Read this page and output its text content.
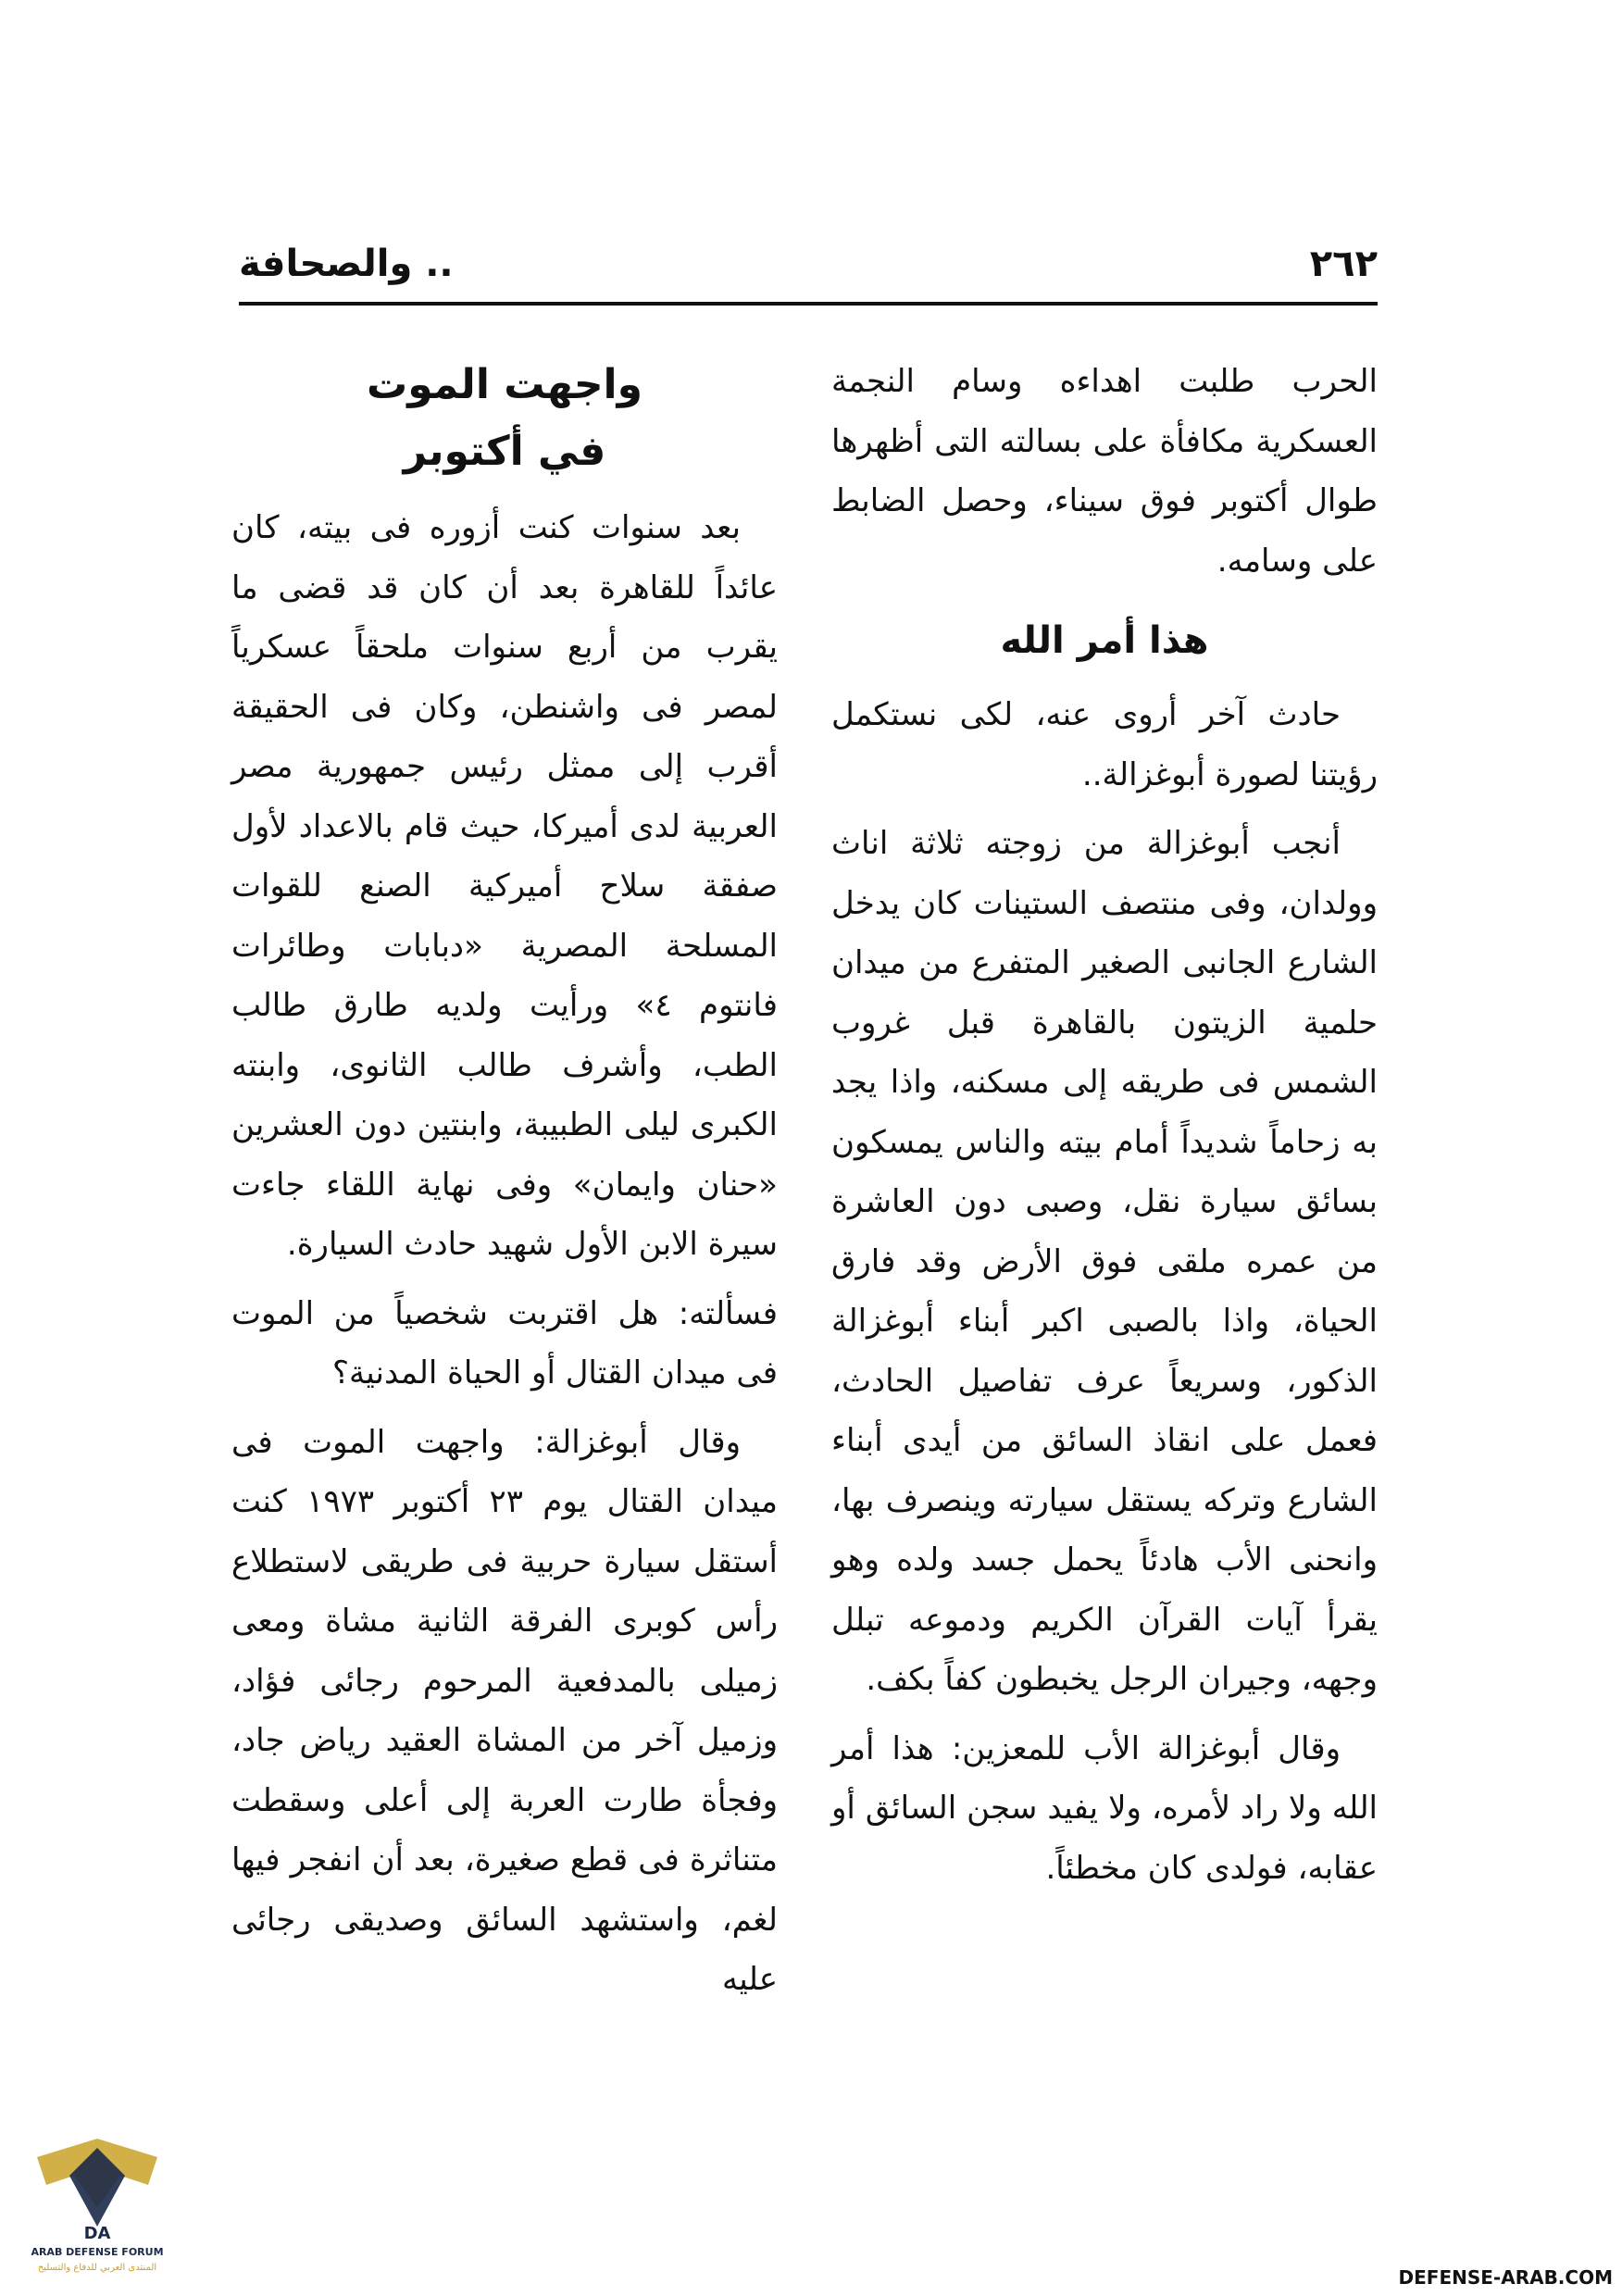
٢٦٢
.. والصحافة

الحرب طلبت اهداءه وسام النجمة العسكرية مكافأة على بسالته التى أظهرها طوال أكتوبر فوق سيناء، وحصل الضابط على وسامه.

هذا أمر الله

حادث آخر أروى عنه، لكى نستكمل رؤيتنا لصورة أبوغزالة..

أنجب أبوغزالة من زوجته ثلاثة اناث وولدان، وفى منتصف الستينات كان يدخل الشارع الجانبى الصغير المتفرع من ميدان حلمية الزيتون بالقاهرة قبل غروب الشمس فى طريقه إلى مسكنه، واذا يجد به زحاماً شديداً أمام بيته والناس يمسكون بسائق سيارة نقل، وصبى دون العاشرة من عمره ملقى فوق الأرض وقد فارق الحياة، واذا بالصبى اكبر أبناء أبوغزالة الذكور، وسريعاً عرف تفاصيل الحادث، فعمل على انقاذ السائق من أيدى أبناء الشارع وتركه يستقل سيارته وينصرف بها، وانحنى الأب هادئاً يحمل جسد ولده وهو يقرأ آيات القرآن الكريم ودموعه تبلل وجهه، وجيران الرجل يخبطون كفاً بكف.

وقال أبوغزالة الأب للمعزين: هذا أمر الله ولا راد لأمره، ولا يفيد سجن السائق أو عقابه، فولدى كان مخطئاً.

واجهت الموت
في أكتوبر

بعد سنوات كنت أزوره فى بيته، كان عائداً للقاهرة بعد أن كان قد قضى ما يقرب من أربع سنوات ملحقاً عسكرياً لمصر فى واشنطن، وكان فى الحقيقة أقرب إلى ممثل رئيس جمهورية مصر العربية لدى أميركا، حيث قام بالاعداد لأول صفقة سلاح أميركية الصنع للقوات المسلحة المصرية «دبابات وطائرات فانتوم ٤» ورأيت ولديه طارق طالب الطب، وأشرف طالب الثانوى، وابنته الكبرى ليلى الطبيبة، وابنتين دون العشرين «حنان وايمان» وفى نهاية اللقاء جاءت سيرة الابن الأول شهيد حادث السيارة.

فسألته: هل اقتربت شخصياً من الموت فى ميدان القتال أو الحياة المدنية؟

وقال أبوغزالة: واجهت الموت فى ميدان القتال يوم ٢٣ أكتوبر ١٩٧٣ كنت أستقل سيارة حربية فى طريقى لاستطلاع رأس كوبرى الفرقة الثانية مشاة ومعى زميلى بالمدفعية المرحوم رجائى فؤاد، وزميل آخر من المشاة العقيد رياض جاد، وفجأة طارت العربة إلى أعلى وسقطت متناثرة فى قطع صغيرة، بعد أن انفجر فيها لغم، واستشهد السائق وصديقى رجائى عليه

DA
ARAB DEFENSE FORUM
المنتدى العربي للدفاع والتسليح	DEFENSE-ARAB.COM
